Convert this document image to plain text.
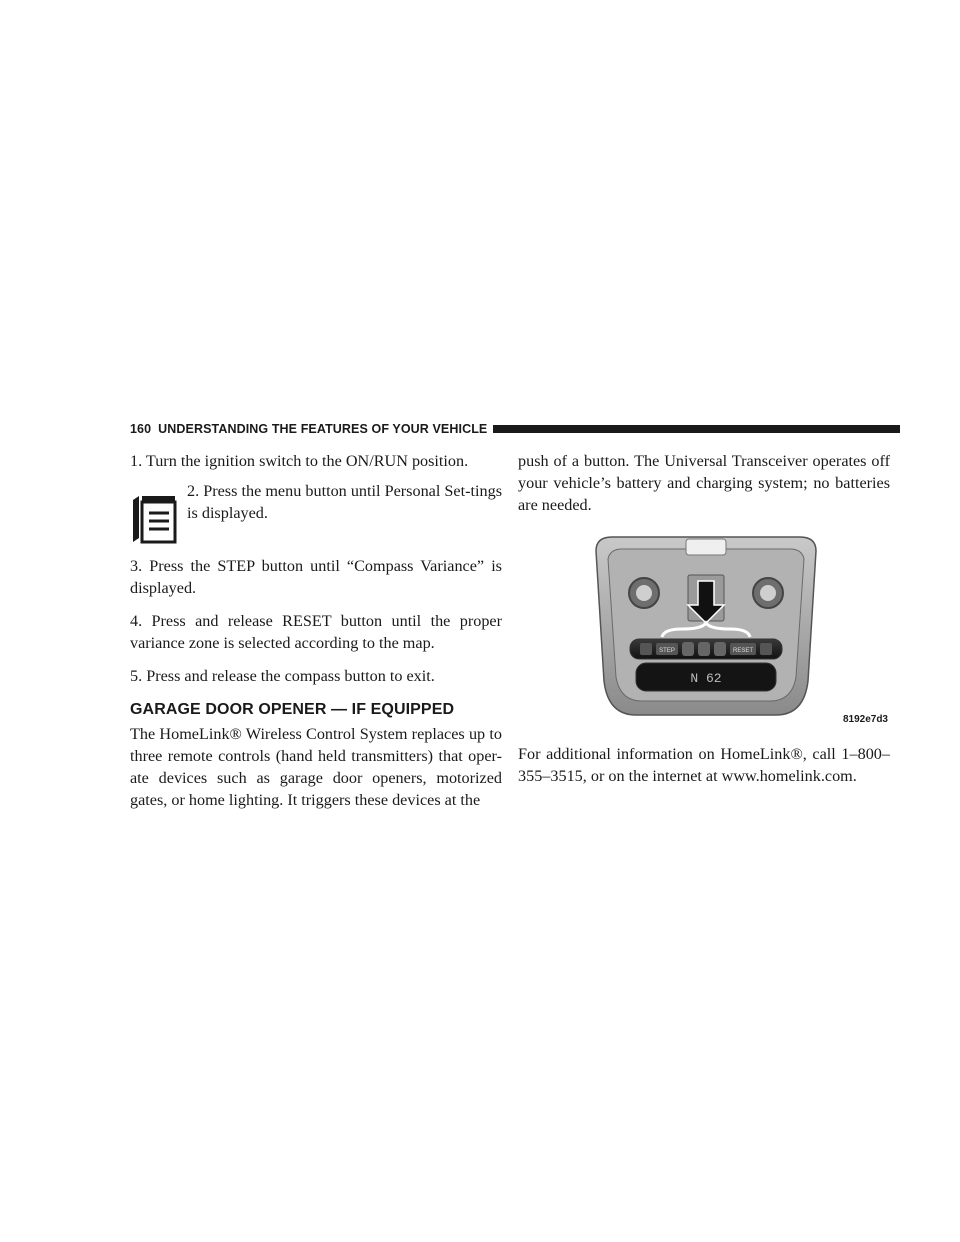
160 UNDERSTANDING THE FEATURES OF YOUR VEHICLE

1. Turn the ignition switch to the ON/RUN position.

2. Press the menu button until Personal Set-tings is displayed.

3. Press the STEP button until “Compass Variance” is displayed.

4. Press and release RESET button until the proper variance zone is selected according to the map.

5. Press and release the compass button to exit.

GARAGE DOOR OPENER — IF EQUIPPED

The HomeLink® Wireless Control System replaces up to three remote controls (hand held transmitters) that oper-ate devices such as garage door openers, motorized gates, or home lighting. It triggers these devices at the

push of a button. The Universal Transceiver operates off your vehicle’s battery and charging system; no batteries are needed.

STEP	RESET
N 62
8192e7d3

For additional information on HomeLink®, call 1–800–355–3515, or on the internet at www.homelink.com.
